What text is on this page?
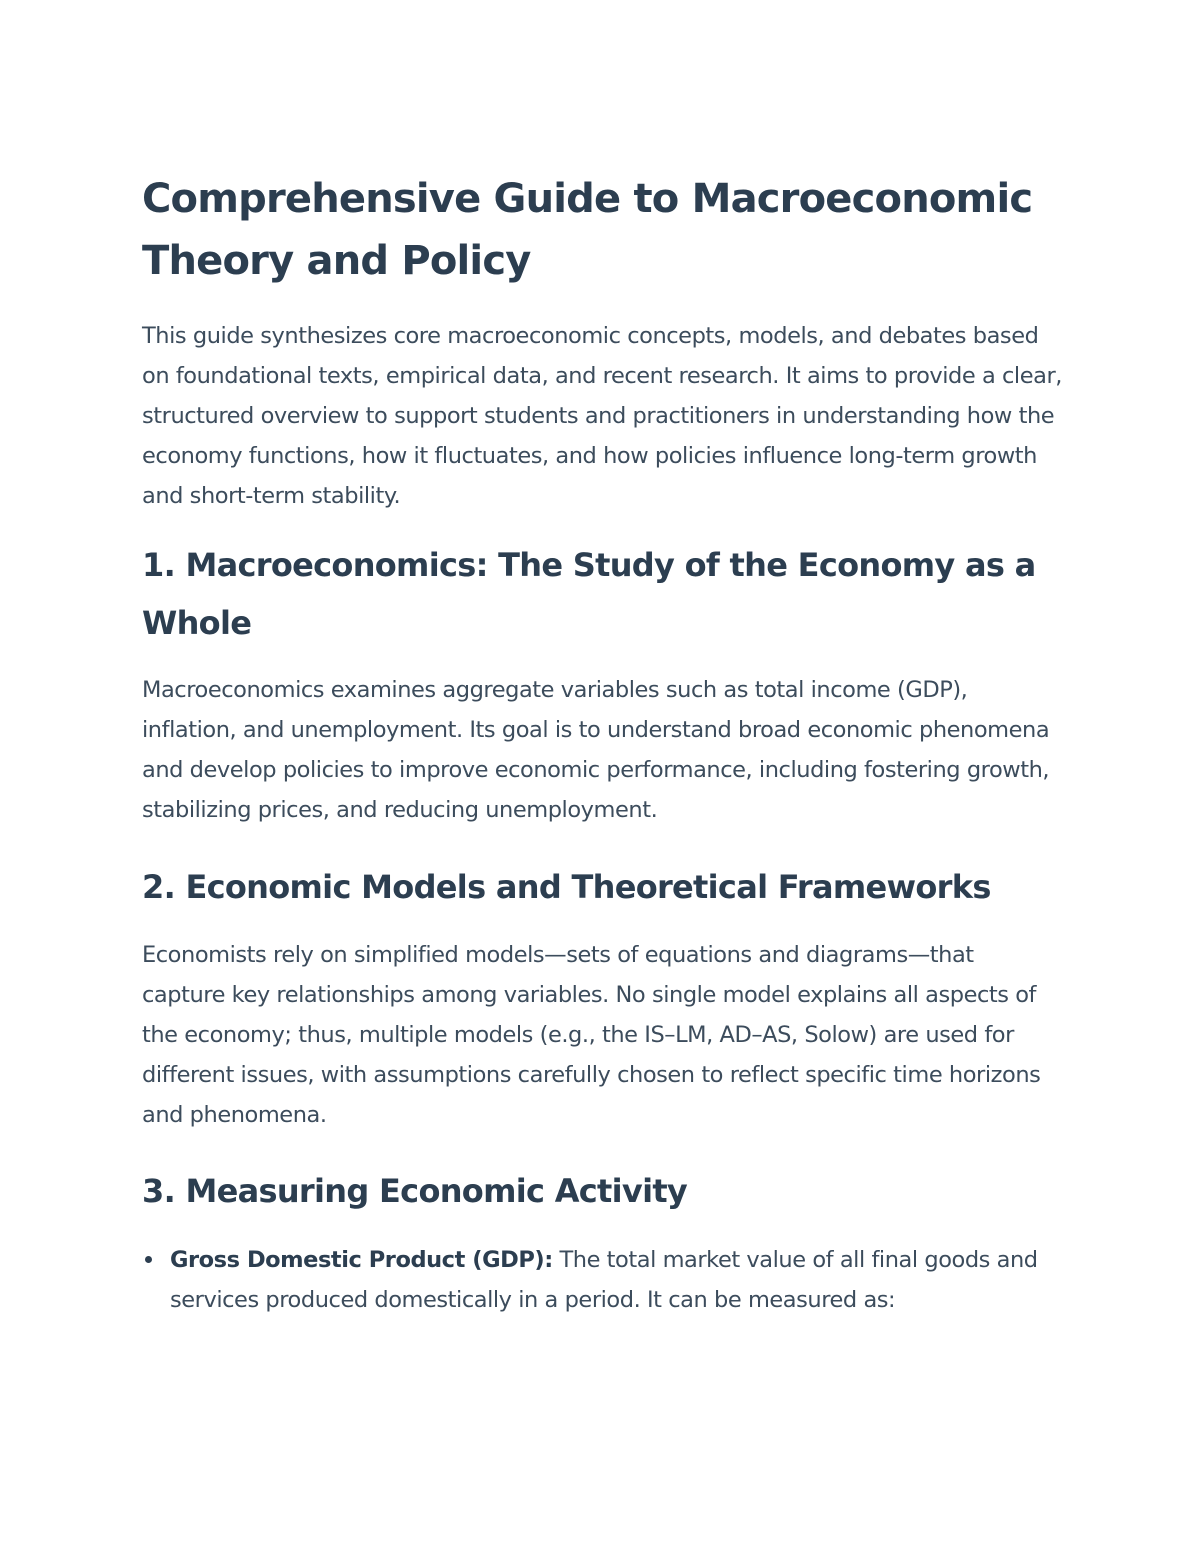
Comprehensive Guide to Macroeconomic Theory and Policy

This guide synthesizes core macroeconomic concepts, models, and debates based on foundational texts, empirical data, and recent research. It aims to provide a clear, structured overview to support students and practitioners in understanding how the economy functions, how it fluctuates, and how policies influence long-term growth and short-term stability.

1. Macroeconomics: The Study of the Economy as a Whole

Macroeconomics examines aggregate variables such as total income (GDP), inflation, and unemployment. Its goal is to understand broad economic phenomena and develop policies to improve economic performance, including fostering growth, stabilizing prices, and reducing unemployment.

2. Economic Models and Theoretical Frameworks

Economists rely on simplified models—sets of equations and diagrams—that capture key relationships among variables. No single model explains all aspects of the economy; thus, multiple models (e.g., the IS–LM, AD–AS, Solow) are used for different issues, with assumptions carefully chosen to reflect specific time horizons and phenomena.

3. Measuring Economic Activity
Gross Domestic Product (GDP): The total market value of all final goods and services produced domestically in a period. It can be measured as:
